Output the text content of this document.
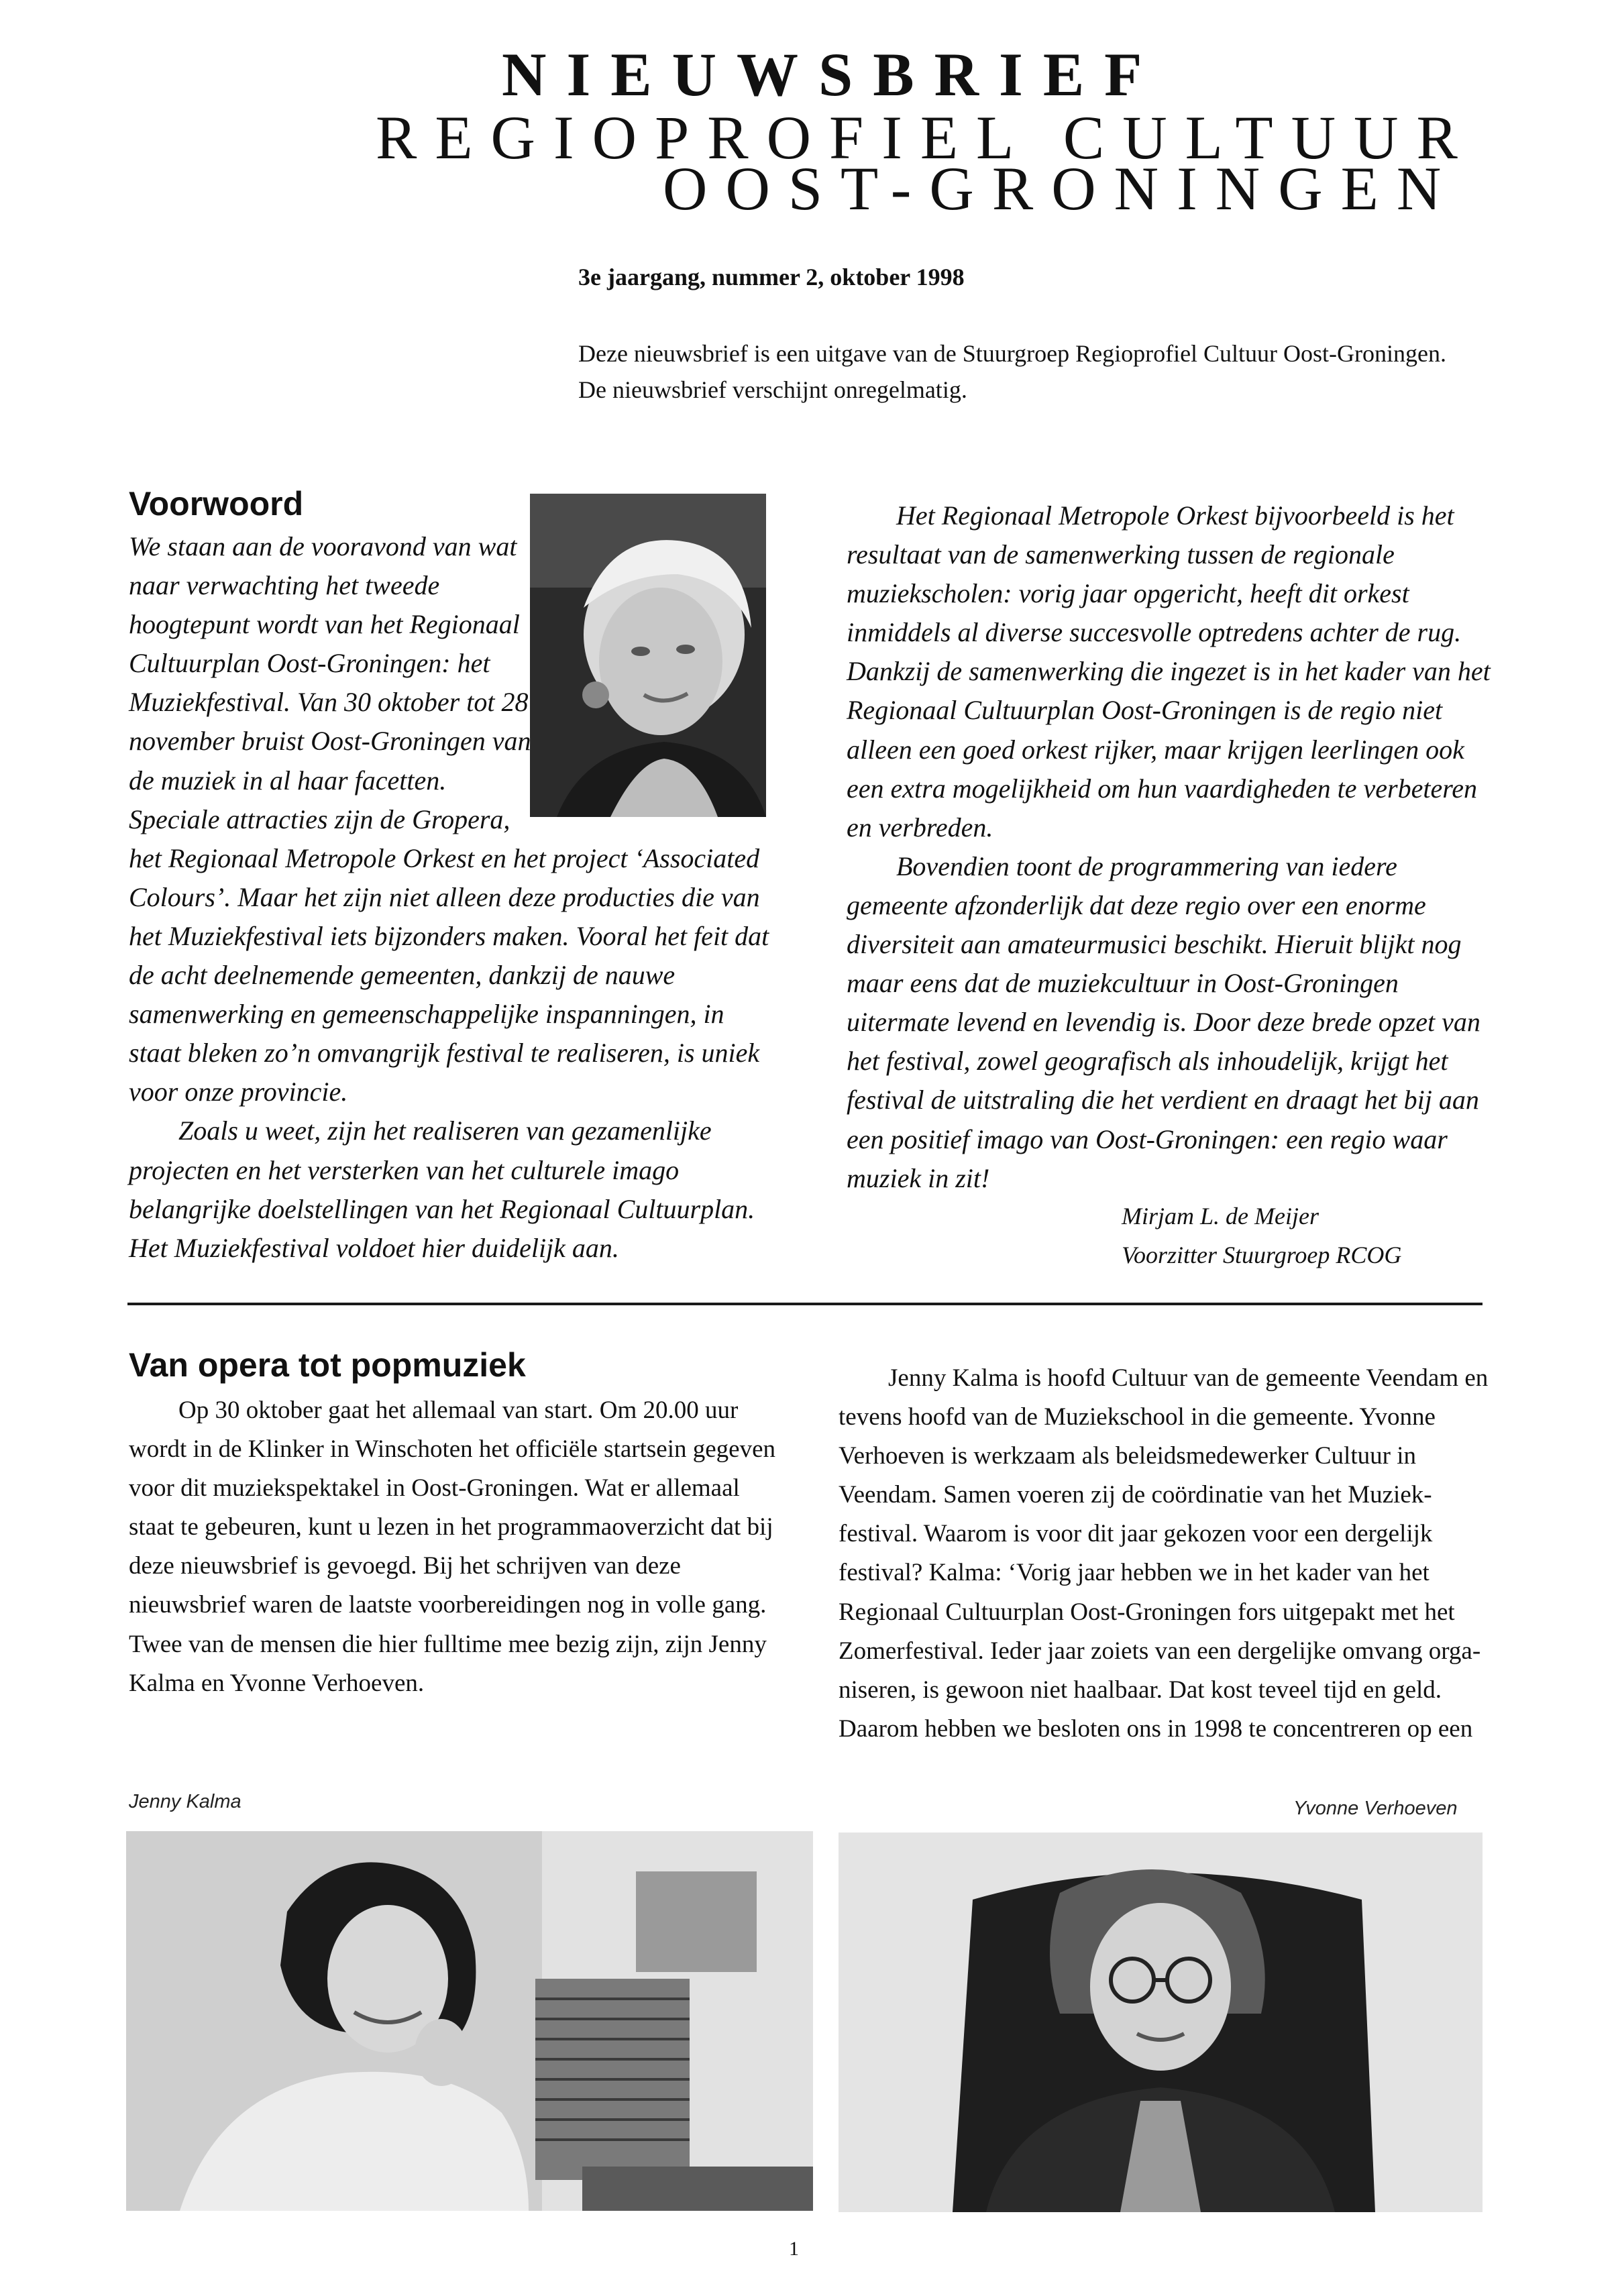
NIEUWSBRIEF
REGIOPROFIEL CULTUUR
OOST-GRONINGEN
3e jaargang, nummer 2, oktober 1998
Deze nieuwsbrief is een uitgave van de Stuurgroep Regioprofiel Cultuur Oost-Groningen.
De nieuwsbrief verschijnt onregelmatig.
Voorwoord

We staan aan de vooravond van wat

naar verwachting het tweede

hoogtepunt wordt van het Regionaal

Cultuurplan Oost-Groningen: het

Muziekfestival. Van 30 oktober tot 28

november bruist Oost-Groningen van

de muziek in al haar facetten.

Speciale attracties zijn de Gropera,

het Regionaal Metropole Orkest en het project ‘Associated

Colours’. Maar het zijn niet alleen deze producties die van

het Muziekfestival iets bijzonders maken. Vooral het feit dat

de acht deelnemende gemeenten, dankzij de nauwe

samenwerking en gemeenschappelijke inspanningen, in

staat bleken zo’n omvangrijk festival te realiseren, is uniek

voor onze provincie.

Zoals u weet, zijn het realiseren van gezamenlijke

projecten en het versterken van het culturele imago

belangrijke doelstellingen van het Regionaal Cultuurplan.

Het Muziekfestival voldoet hier duidelijk aan.

Het Regionaal Metropole Orkest bijvoorbeeld is het

resultaat van de samenwerking tussen de regionale

muziekscholen: vorig jaar opgericht, heeft dit orkest

inmiddels al diverse succesvolle optredens achter de rug.

Dankzij de samenwerking die ingezet is in het kader van het

Regionaal Cultuurplan Oost-Groningen is de regio niet

alleen een goed orkest rijker, maar krijgen leerlingen ook

een extra mogelijkheid om hun vaardigheden te verbeteren

en verbreden.

Bovendien toont de programmering van iedere

gemeente afzonderlijk dat deze regio over een enorme

diversiteit aan amateurmusici beschikt. Hieruit blijkt nog

maar eens dat de muziekcultuur in Oost-Groningen

uitermate levend en levendig is. Door deze brede opzet van

het festival, zowel geografisch als inhoudelijk, krijgt het

festival de uitstraling die het verdient en draagt het bij aan

een positief imago van Oost-Groningen: een regio waar

muziek in zit!

Mirjam L. de Meijer
Voorzitter Stuurgroep RCOG
Van opera tot popmuziek

Op 30 oktober gaat het allemaal van start. Om 20.00 uur

wordt in de Klinker in Winschoten het officiële startsein gegeven

voor dit muziekspektakel in Oost-Groningen. Wat er allemaal

staat te gebeuren, kunt u lezen in het programmaoverzicht dat bij

deze nieuwsbrief is gevoegd. Bij het schrijven van deze

nieuwsbrief waren de laatste voorbereidingen nog in volle gang.

Twee van de mensen die hier fulltime mee bezig zijn, zijn Jenny

Kalma en Yvonne Verhoeven.

Jenny Kalma is hoofd Cultuur van de gemeente Veendam en

tevens hoofd van de Muziekschool in die gemeente. Yvonne

Verhoeven is werkzaam als beleidsmedewerker Cultuur in

Veendam. Samen voeren zij de coördinatie van het Muziek-

festival. Waarom is voor dit jaar gekozen voor een dergelijk

festival? Kalma: ‘Vorig jaar hebben we in het kader van het

Regionaal Cultuurplan Oost-Groningen fors uitgepakt met het

Zomerfestival. Ieder jaar zoiets van een dergelijke omvang orga-

niseren, is gewoon niet haalbaar. Dat kost teveel tijd en geld.

Daarom hebben we besloten ons in 1998 te concentreren op een

Jenny Kalma	Yvonne Verhoeven
1
